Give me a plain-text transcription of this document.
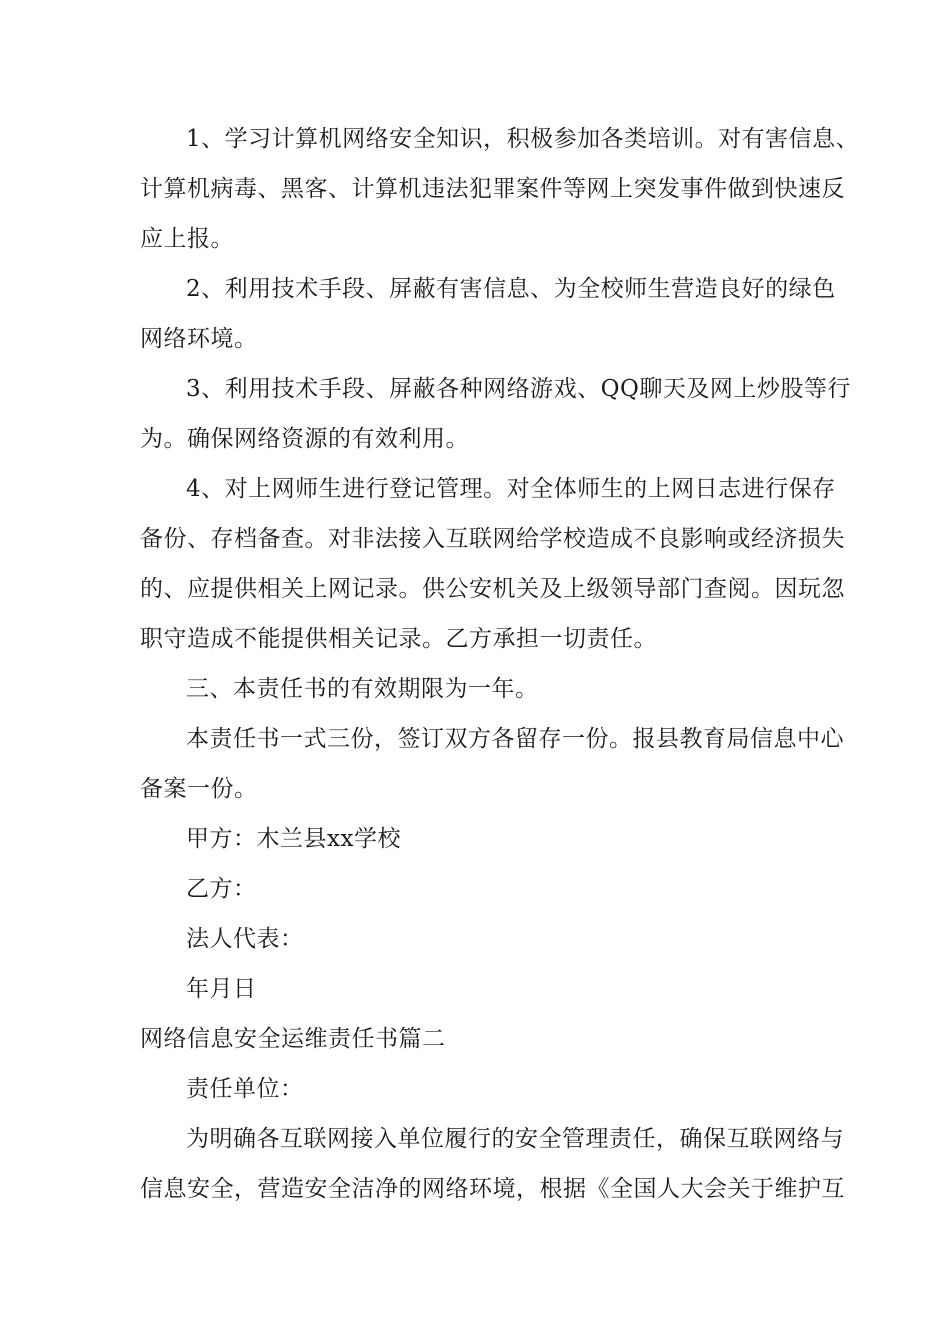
1、学习计算机网络安全知识，积极参加各类培训。对有害信息、
计算机病毒、黑客、计算机违法犯罪案件等网上突发事件做到快速反
应上报。
2、利用技术手段、屏蔽有害信息、为全校师生营造良好的绿色
网络环境。
3、利用技术手段、屏蔽各种网络游戏、QQ聊天及网上炒股等行
为。确保网络资源的有效利用。
4、对上网师生进行登记管理。对全体师生的上网日志进行保存
备份、存档备查。对非法接入互联网给学校造成不良影响或经济损失
的、应提供相关上网记录。供公安机关及上级领导部门查阅。因玩忽
职守造成不能提供相关记录。乙方承担一切责任。
三、本责任书的有效期限为一年。
本责任书一式三份，签订双方各留存一份。报县教育局信息中心
备案一份。
甲方：木兰县xx学校
乙方：
法人代表：
年月日
网络信息安全运维责任书篇二
责任单位：
为明确各互联网接入单位履行的安全管理责任，确保互联网络与
信息安全，营造安全洁净的网络环境，根据《全国人大会关于维护互
